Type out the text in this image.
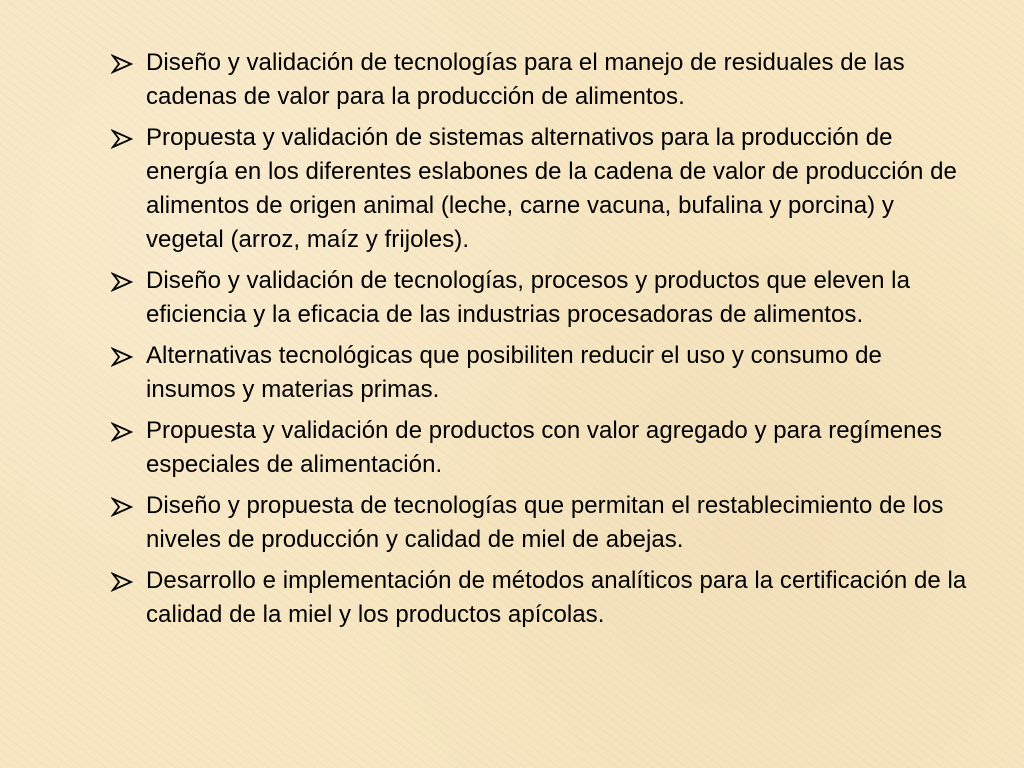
Diseño y validación de tecnologías para el manejo de residuales de las cadenas de valor para la producción de alimentos.
Propuesta y validación de sistemas alternativos para la producción de energía en los diferentes eslabones de la cadena de valor de producción de alimentos de origen animal (leche, carne vacuna, bufalina y porcina) y vegetal (arroz, maíz y frijoles).
Diseño y validación de tecnologías, procesos y productos que eleven la eficiencia y la eficacia de las industrias procesadoras de alimentos.
Alternativas tecnológicas que posibiliten reducir el uso y consumo de insumos y materias primas.
Propuesta y validación de productos con valor agregado y para regímenes especiales de alimentación.
Diseño y propuesta de tecnologías que permitan el restablecimiento de los niveles de producción y calidad de miel de abejas.
Desarrollo e implementación de métodos analíticos para la certificación de la calidad de la miel y los productos apícolas.
